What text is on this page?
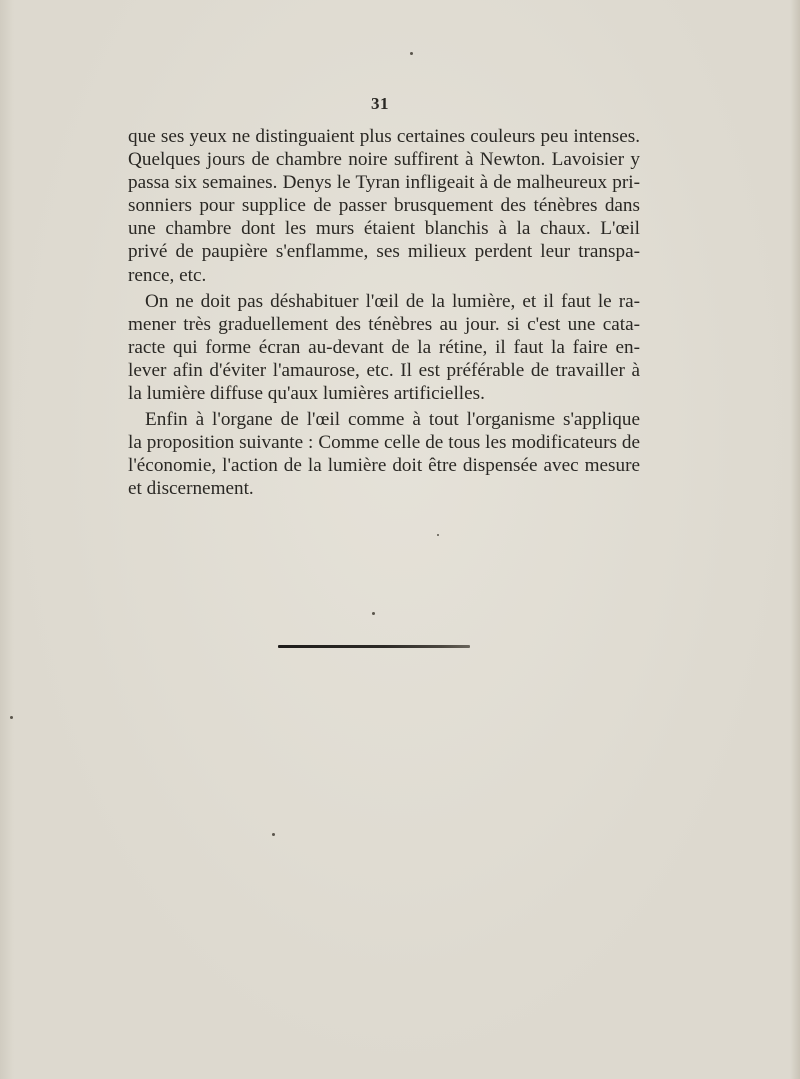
31
que ses yeux ne distinguaient plus certaines couleurs peu intenses.
Quelques jours de chambre noire suffirent à Newton. Lavoisier y
passa six semaines. Denys le Tyran infligeait à de malheureux pri-
sonniers pour supplice de passer brusquement des ténèbres dans
une chambre dont les murs étaient blanchis à la chaux. L'œil
privé de paupière s'enflamme, ses milieux perdent leur transpa-
rence, etc.
On ne doit pas déshabituer l'œil de la lumière, et il faut le ra-
mener très graduellement des ténèbres au jour. si c'est une cata-
racte qui forme écran au-devant de la rétine, il faut la faire en-
lever afin d'éviter l'amaurose, etc. Il est préférable de travailler à
la lumière diffuse qu'aux lumières artificielles.
Enfin à l'organe de l'œil comme à tout l'organisme s'applique
la proposition suivante : Comme celle de tous les modificateurs de
l'économie, l'action de la lumière doit être dispensée avec mesure
et discernement.
